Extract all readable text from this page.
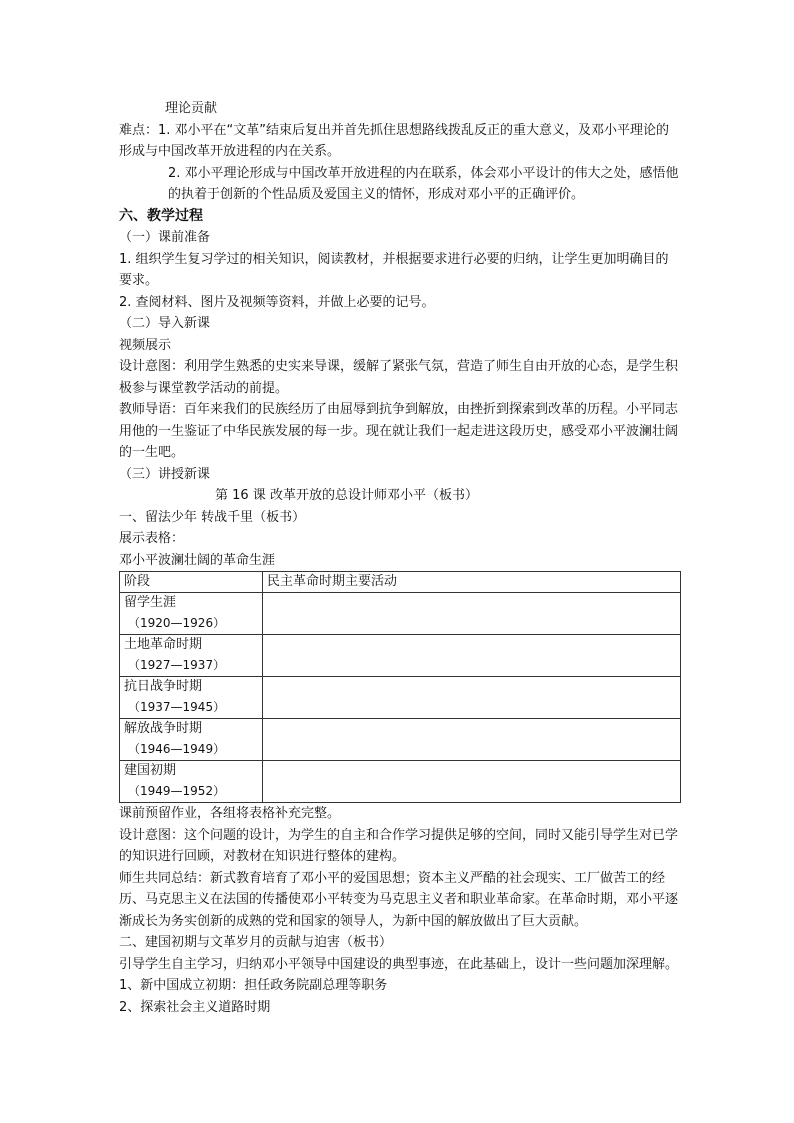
理论贡献

难点：1. 邓小平在“文革”结束后复出并首先抓住思想路线拨乱反正的重大意义，及邓小平理论的形成与中国改革开放进程的内在关系。

2. 邓小平理论形成与中国改革开放进程的内在联系，体会邓小平设计的伟大之处，感悟他的执着于创新的个性品质及爱国主义的情怀，形成对邓小平的正确评价。

六、教学过程

（一）课前准备

1. 组织学生复习学过的相关知识，阅读教材，并根据要求进行必要的归纳，让学生更加明确目的要求。

2. 查阅材料、图片及视频等资料，并做上必要的记号。

（二）导入新课

视频展示

设计意图：利用学生熟悉的史实来导课，缓解了紧张气氛，营造了师生自由开放的心态，是学生积极参与课堂教学活动的前提。

教师导语：百年来我们的民族经历了由屈辱到抗争到解放，由挫折到探索到改革的历程。小平同志用他的一生鉴证了中华民族发展的每一步。现在就让我们一起走进这段历史，感受邓小平波澜壮阔的一生吧。

（三）讲授新课

第 16 课 改革开放的总设计师邓小平（板书）

一、留法少年 转战千里（板书）

展示表格：

邓小平波澜壮阔的革命生涯

阶段	民主革命时期主要活动
留学生涯
（1920—1926）	

土地革命时期
（1927—1937）	

抗日战争时期
（1937—1945）	

解放战争时期
（1946—1949）	

建国初期
（1949—1952）	

课前预留作业，各组将表格补充完整。

设计意图：这个问题的设计，为学生的自主和合作学习提供足够的空间，同时又能引导学生对已学的知识进行回顾，对教材在知识进行整体的建构。

师生共同总结：新式教育培育了邓小平的爱国思想；资本主义严酷的社会现实、工厂做苦工的经历、马克思主义在法国的传播使邓小平转变为马克思主义者和职业革命家。在革命时期，邓小平逐渐成长为务实创新的成熟的党和国家的领导人，为新中国的解放做出了巨大贡献。

二、建国初期与文革岁月的贡献与迫害（板书）

引导学生自主学习，归纳邓小平领导中国建设的典型事迹，在此基础上，设计一些问题加深理解。

1、新中国成立初期：担任政务院副总理等职务

2、探索社会主义道路时期
